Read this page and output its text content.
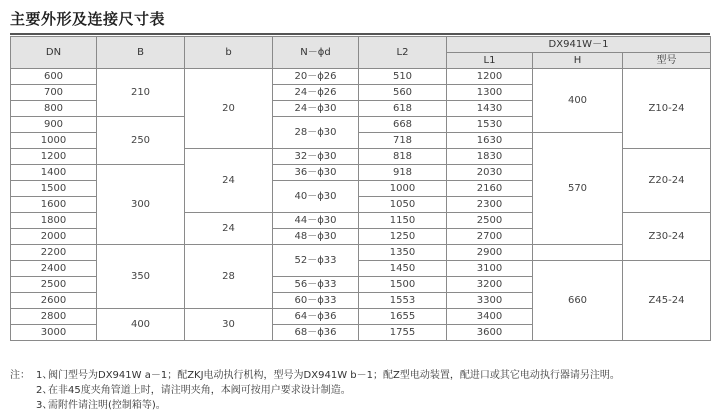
主要外形及连接尺寸表
DN	B	b	N－ϕd	L2	DX941W－1		
					L1	H	型号
600	210	20	20－ϕ26	510	1200	400	Z10-24
700			24－ϕ26	560	1300		
800			24－ϕ30	618	1430		
900	250		28－ϕ30	668	1530		
1000				718	1630	570	
1200		24	32－ϕ30	818	1830		Z20-24
1400	300		36－ϕ30	918	2030		
1500			40－ϕ30	1000	2160		
1600				1050	2300		
1800		24	44－ϕ30	1150	2500		Z30-24
2000			48－ϕ30	1250	2700		
2200	350	28	52－ϕ33	1350	2900		
2400				1450	3100	660	Z45-24
2500			56－ϕ33	1500	3200		
2600			60－ϕ33	1553	3300		
2800	400	30	64－ϕ36	1655	3400		
3000			68－ϕ36	1755	3600		
注： 1、
阀门型号为DX941W a－1；配ZKJ电动执行机构，型号为DX941W b－1；配Z型电动装置，配进口或其它电动执行器请另注明。
2、
在非45度夹角管道上时，请注明夹角，本阀可按用户要求设计制造。
3、
需附件请注明(控制箱等)。
